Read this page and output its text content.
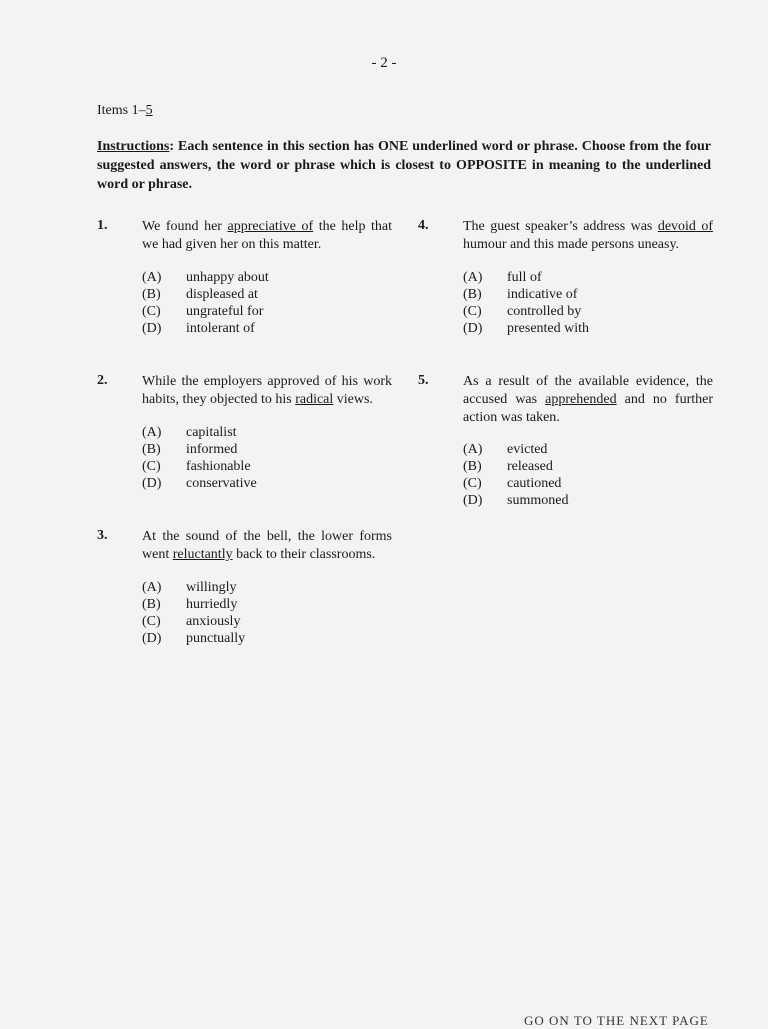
- 2 -
Items 1–5
Instructions: Each sentence in this section has ONE underlined word or phrase. Choose from the four suggested answers, the word or phrase which is closest to OPPOSITE in meaning to the underlined word or phrase.
1. We found her appreciative of the help that we had given her on this matter.
(A) unhappy about
(B) displeased at
(C) ungrateful for
(D) intolerant of
2. While the employers approved of his work habits, they objected to his radical views.
(A) capitalist
(B) informed
(C) fashionable
(D) conservative
3. At the sound of the bell, the lower forms went reluctantly back to their classrooms.
(A) willingly
(B) hurriedly
(C) anxiously
(D) punctually
4. The guest speaker’s address was devoid of humour and this made persons uneasy.
(A) full of
(B) indicative of
(C) controlled by
(D) presented with
5. As a result of the available evidence, the accused was apprehended and no further action was taken.
(A) evicted
(B) released
(C) cautioned
(D) summoned
GO ON TO THE NEXT PAGE
